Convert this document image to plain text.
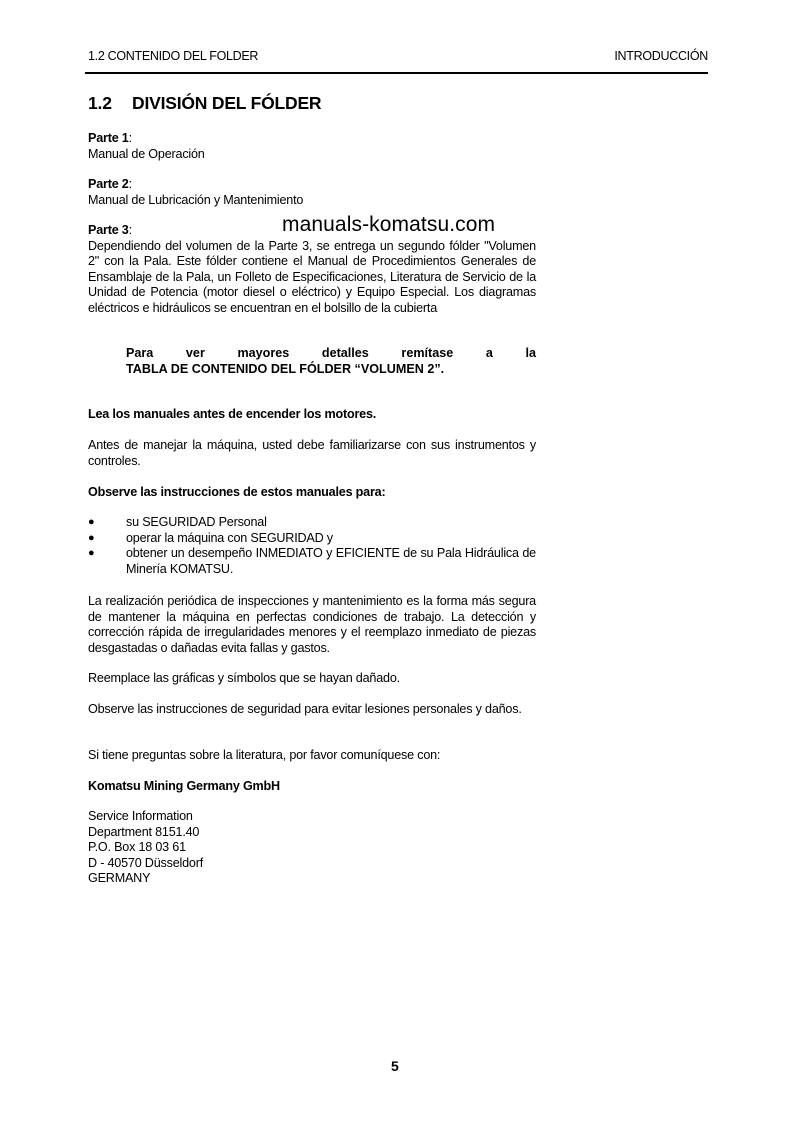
1.2 CONTENIDO DEL FOLDER	INTRODUCCIÓN
1.2 DIVISIÓN DEL FÓLDER
Parte 1:
Manual de Operación
Parte 2:
Manual de Lubricación y Mantenimiento
Parte 3:
Dependiendo del volumen de la Parte 3, se entrega un segundo fólder "Volumen 2" con la Pala. Este fólder contiene el Manual de Procedimientos Generales de Ensamblaje de la Pala, un Folleto de Especificaciones, Literatura de Servicio de la Unidad de Potencia (motor diesel o eléctrico) y Equipo Especial. Los diagramas eléctricos e hidráulicos se encuentran en el bolsillo de la cubierta
manuals-komatsu.com
Para ver mayores detalles remítase a la
TABLA DE CONTENIDO DEL FÓLDER “VOLUMEN 2”.
Lea los manuales antes de encender los motores.
Antes de manejar la máquina, usted debe familiarizarse con sus instrumentos y controles.
Observe las instrucciones de estos manuales para:
●	su SEGURIDAD Personal
●	operar la máquina con SEGURIDAD y
●	obtener un desempeño INMEDIATO y EFICIENTE de su Pala Hidráulica de Minería KOMATSU.
La realización periódica de inspecciones y mantenimiento es la forma más segura de mantener la máquina en perfectas condiciones de trabajo. La detección y corrección rápida de irregularidades menores y el reemplazo inmediato de piezas desgastadas o dañadas evita fallas y gastos.
Reemplace las gráficas y símbolos que se hayan dañado.
Observe las instrucciones de seguridad para evitar lesiones personales y daños.
Si tiene preguntas sobre la literatura, por favor comuníquese con:
Komatsu Mining Germany GmbH
Service Information
Department 8151.40
P.O. Box 18 03 61
D - 40570 Düsseldorf
GERMANY
5
